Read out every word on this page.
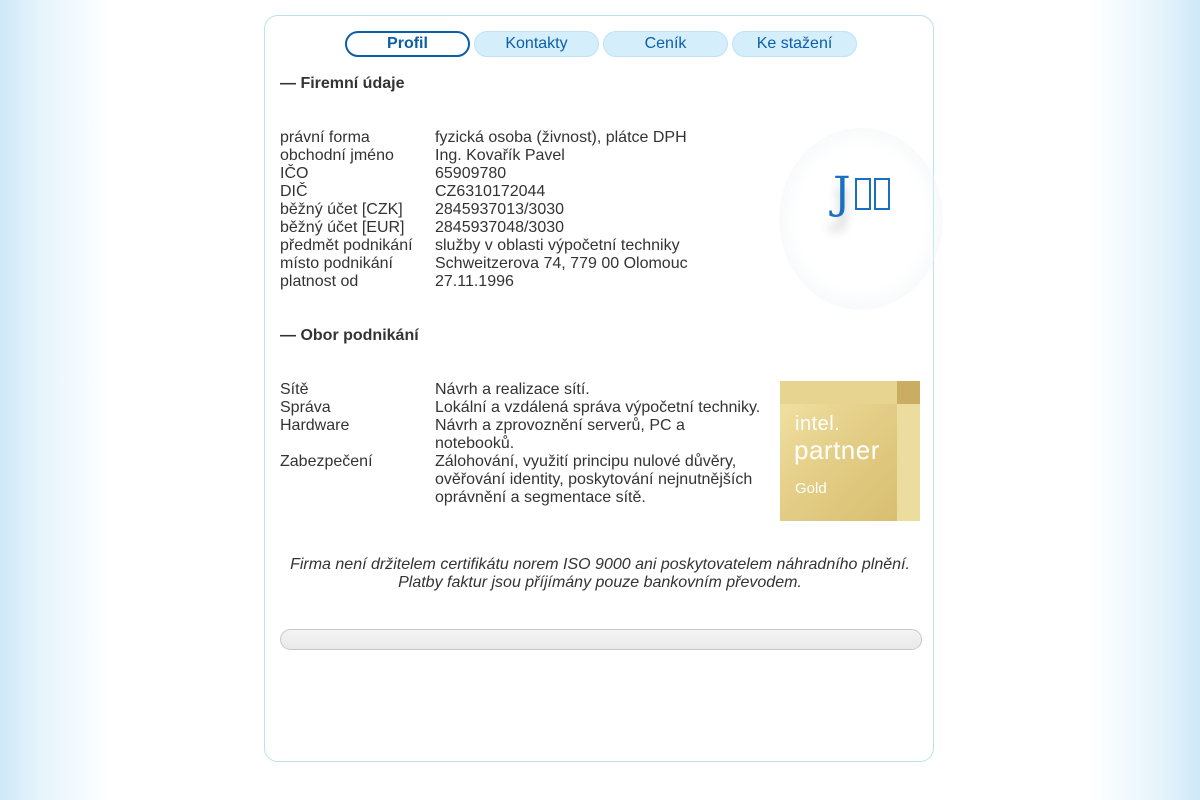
Profil	Kontakty	Ceník	Ke stažení
— Firemní údaje
právní forma	fyzická osoba (živnost), plátce DPH
obchodní jméno	Ing. Kovařík Pavel
IČO	65909780
DIČ	CZ6310172044
běžný účet [CZK]	2845937013/3030
běžný účet [EUR]	2845937048/3030
předmět podnikání	služby v oblasti výpočetní techniky
místo podnikání	Schweitzerova 74, 779 00 Olomouc
platnost od	27.11.1996
J
— Obor podnikání
Sítě	Návrh a realizace sítí.
Správa	Lokální a vzdálená správa výpočetní techniky.
Hardware	Návrh a zprovoznění serverů, PC a notebooků.
Zabezpečení	Zálohování, využití principu nulové důvěry, ověřování identity, poskytování nejnutnějších oprávnění a segmentace sítě.
intel.
partner
Gold
Firma není držitelem certifikátu norem ISO 9000 ani poskytovatelem náhradního plnění.
Platby faktur jsou příjímány pouze bankovním převodem.
